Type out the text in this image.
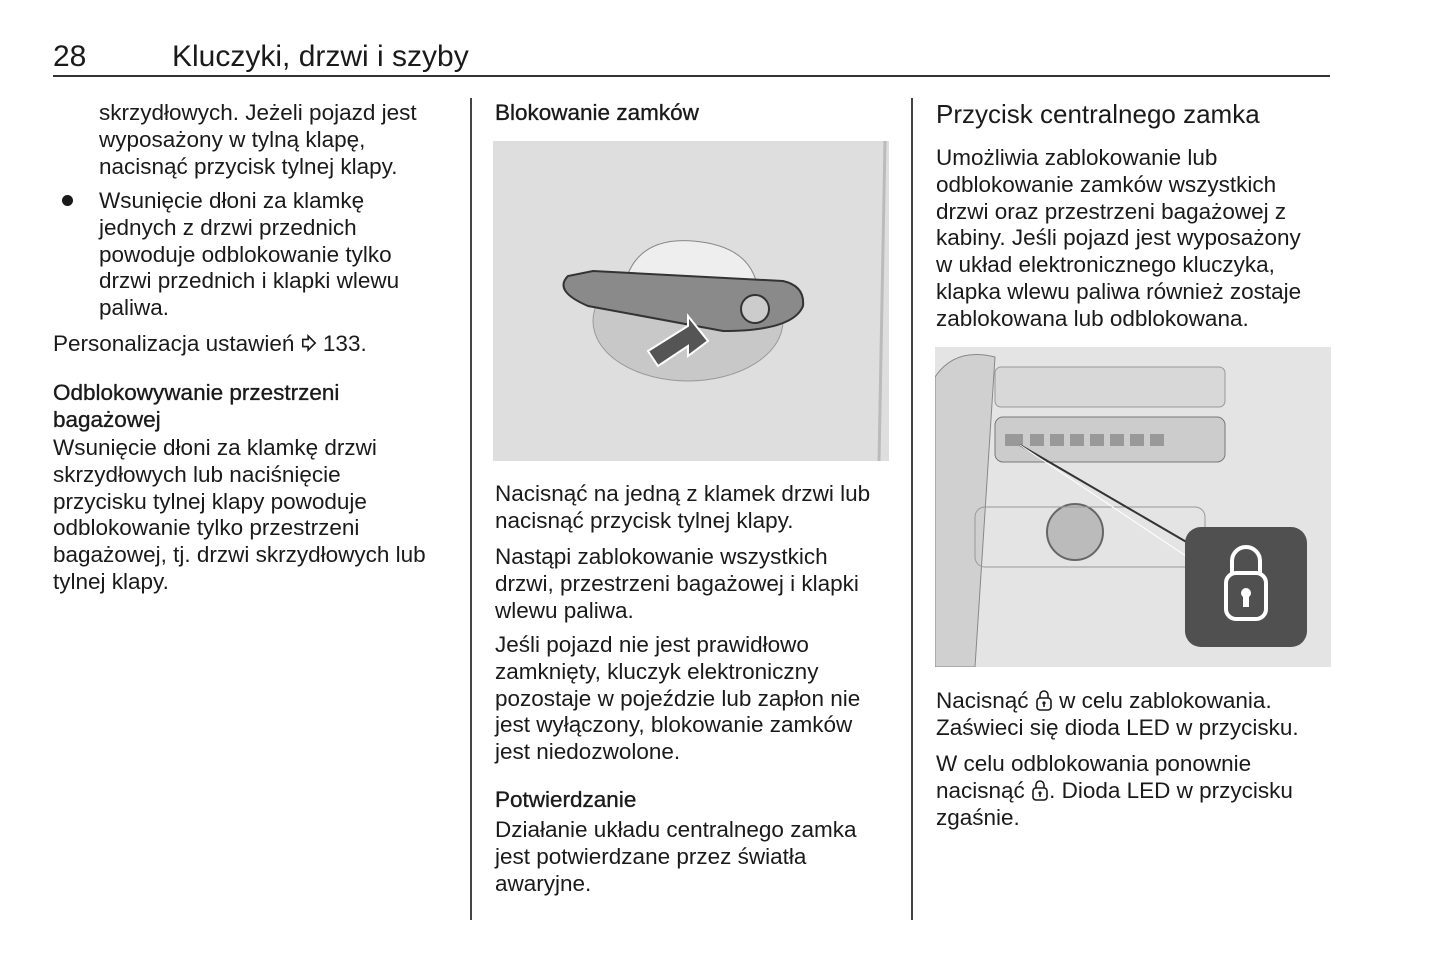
28	Kluczyki, drzwi i szyby
skrzydłowych. Jeżeli pojazd jest
wyposażony w tylną klapę,
nacisnąć przycisk tylnej klapy.
Wsunięcie dłoni za klamkę
jednych z drzwi przednich
powoduje odblokowanie tylko
drzwi przednich i klapki wlewu
paliwa.
Personalizacja ustawień 133.
Odblokowywanie przestrzeni
bagażowej
Wsunięcie dłoni za klamkę drzwi
skrzydłowych lub naciśnięcie
przycisku tylnej klapy powoduje
odblokowanie tylko przestrzeni
bagażowej, tj. drzwi skrzydłowych lub
tylnej klapy.
Blokowanie zamków
Nacisnąć na jedną z klamek drzwi lub
nacisnąć przycisk tylnej klapy.
Nastąpi zablokowanie wszystkich
drzwi, przestrzeni bagażowej i klapki
wlewu paliwa.
Jeśli pojazd nie jest prawidłowo
zamknięty, kluczyk elektroniczny
pozostaje w pojeździe lub zapłon nie
jest wyłączony, blokowanie zamków
jest niedozwolone.
Potwierdzanie
Działanie układu centralnego zamka
jest potwierdzane przez światła
awaryjne.
Przycisk centralnego zamka
Umożliwia zablokowanie lub
odblokowanie zamków wszystkich
drzwi oraz przestrzeni bagażowej z
kabiny. Jeśli pojazd jest wyposażony
w układ elektronicznego kluczyka,
klapka wlewu paliwa również zostaje
zablokowana lub odblokowana.
Nacisnąć w celu zablokowania.
Zaświeci się dioda LED w przycisku.
W celu odblokowania ponownie
nacisnąć . Dioda LED w przycisku
zgaśnie.
